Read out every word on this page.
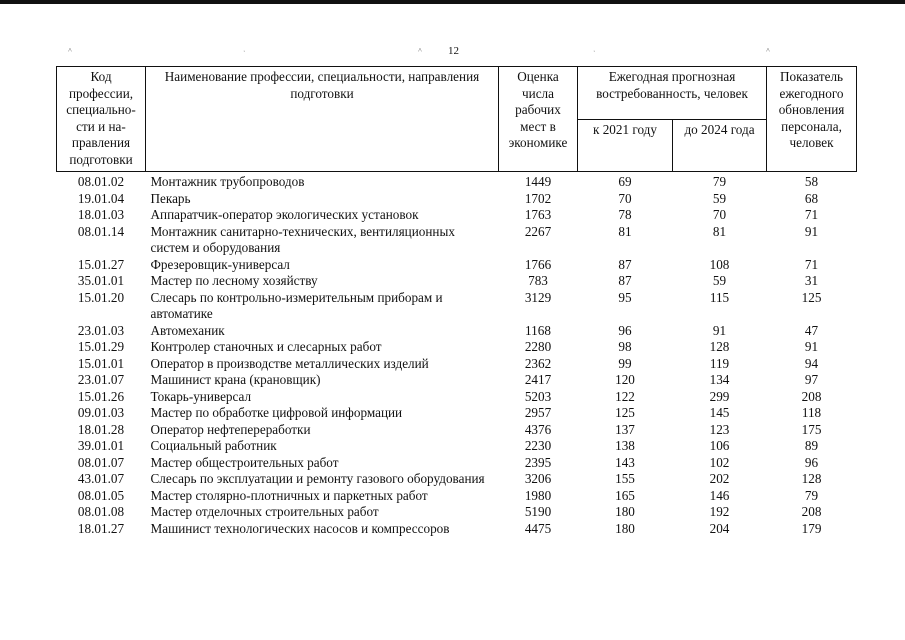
˄	˒	˄	˒	˄
12
Код профессии, специально-сти и на-правления подготовки	Наименование профессии, специальности, направления подготовки	Оценка числа рабочих мест в экономике	Ежегодная прогнозная востребованность, человек		Показатель ежегодного обновления персонала, человек
			к 2021 году	до 2024 года	
08.01.02	Монтажник трубопроводов	1449	69	79	58
19.01.04	Пекарь	1702	70	59	68
18.01.03	Аппаратчик-оператор экологических установок	1763	78	70	71
08.01.14	Монтажник санитарно-технических, вентиляционных систем и оборудования	2267	81	81	91
15.01.27	Фрезеровщик-универсал	1766	87	108	71
35.01.01	Мастер по лесному хозяйству	783	87	59	31
15.01.20	Слесарь по контрольно-измерительным приборам и автоматике	3129	95	115	125
23.01.03	Автомеханик	1168	96	91	47
15.01.29	Контролер станочных и слесарных работ	2280	98	128	91
15.01.01	Оператор в производстве металлических изделий	2362	99	119	94
23.01.07	Машинист крана (крановщик)	2417	120	134	97
15.01.26	Токарь-универсал	5203	122	299	208
09.01.03	Мастер по обработке цифровой информации	2957	125	145	118
18.01.28	Оператор нефтепереработки	4376	137	123	175
39.01.01	Социальный работник	2230	138	106	89
08.01.07	Мастер общестроительных работ	2395	143	102	96
43.01.07	Слесарь по эксплуатации и ремонту газового оборудования	3206	155	202	128
08.01.05	Мастер столярно-плотничных и паркетных работ	1980	165	146	79
08.01.08	Мастер отделочных строительных работ	5190	180	192	208
18.01.27	Машинист технологических насосов и компрессоров	4475	180	204	179
